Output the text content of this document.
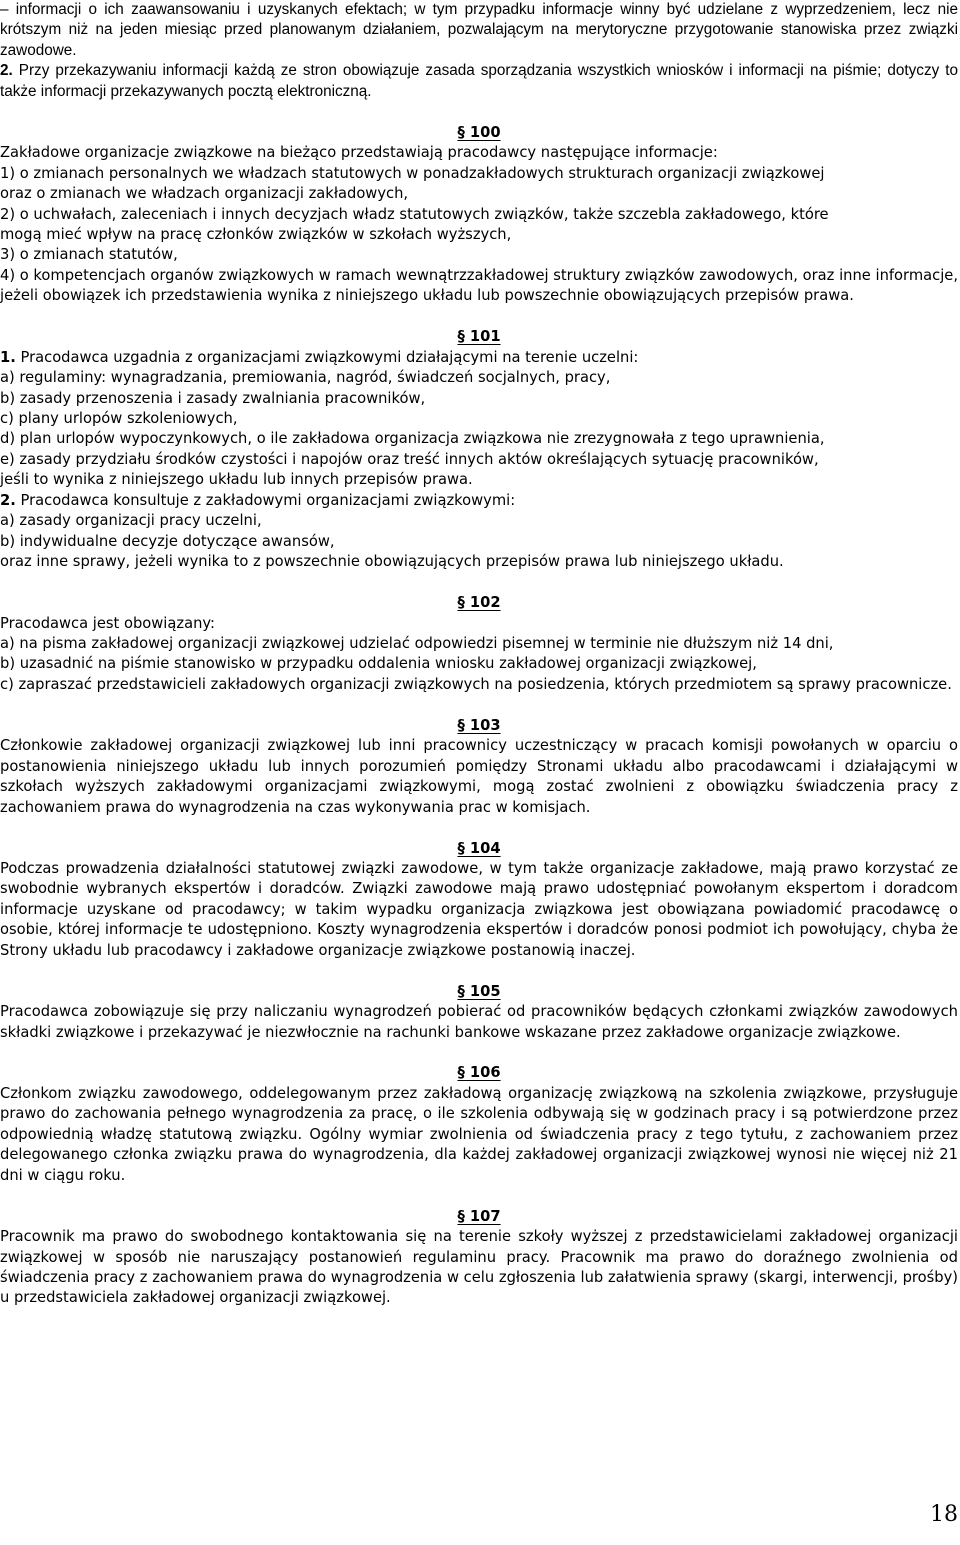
– informacji o ich zaawansowaniu i uzyskanych efektach; w tym przypadku informacje winny być udzielane z wyprzedzeniem, lecz nie krótszym niż na jeden miesiąc przed planowanym działaniem, pozwalającym na merytoryczne przygotowanie stanowiska przez związki zawodowe.

2. Przy przekazywaniu informacji każdą ze stron obowiązuje zasada sporządzania wszystkich wniosków i informacji na piśmie; dotyczy to także informacji przekazywanych pocztą elektroniczną.

§ 100

Zakładowe organizacje związkowe na bieżąco przedstawiają pracodawcy następujące informacje:

1) o zmianach personalnych we władzach statutowych w ponadzakładowych strukturach organizacji związkowej

oraz o zmianach we władzach organizacji zakładowych,

2) o uchwałach, zaleceniach i innych decyzjach władz statutowych związków, także szczebla zakładowego, które

mogą mieć wpływ na pracę członków związków w szkołach wyższych,

3) o zmianach statutów,

4) o kompetencjach organów związkowych w ramach wewnątrzzakładowej struktury związków zawodowych, oraz inne informacje, jeżeli obowiązek ich przedstawienia wynika z niniejszego układu lub powszechnie obowiązujących przepisów prawa.

§ 101

1. Pracodawca uzgadnia z organizacjami związkowymi działającymi na terenie uczelni:

a) regulaminy: wynagradzania, premiowania, nagród, świadczeń socjalnych, pracy,

b) zasady przenoszenia i zasady zwalniania pracowników,

c) plany urlopów szkoleniowych,

d) plan urlopów wypoczynkowych, o ile zakładowa organizacja związkowa nie zrezygnowała z tego uprawnienia,

e) zasady przydziału środków czystości i napojów oraz treść innych aktów określających sytuację pracowników,

jeśli to wynika z niniejszego układu lub innych przepisów prawa.

2. Pracodawca konsultuje z zakładowymi organizacjami związkowymi:

a) zasady organizacji pracy uczelni,

b) indywidualne decyzje dotyczące awansów,

oraz inne sprawy, jeżeli wynika to z powszechnie obowiązujących przepisów prawa lub niniejszego układu.

§ 102

Pracodawca jest obowiązany:

a) na pisma zakładowej organizacji związkowej udzielać odpowiedzi pisemnej w terminie nie dłuższym niż 14 dni,

b) uzasadnić na piśmie stanowisko w przypadku oddalenia wniosku zakładowej organizacji związkowej,

c) zapraszać przedstawicieli zakładowych organizacji związkowych na posiedzenia, których przedmiotem są sprawy pracownicze.

§ 103

Członkowie zakładowej organizacji związkowej lub inni pracownicy uczestniczący w pracach komisji powołanych w oparciu o postanowienia niniejszego układu lub innych porozumień pomiędzy Stronami układu albo pracodawcami i działającymi w szkołach wyższych zakładowymi organizacjami związkowymi, mogą zostać zwolnieni z obowiązku świadczenia pracy z zachowaniem prawa do wynagrodzenia na czas wykonywania prac w komisjach.

§ 104

Podczas prowadzenia działalności statutowej związki zawodowe, w tym także organizacje zakładowe, mają prawo korzystać ze swobodnie wybranych ekspertów i doradców. Związki zawodowe mają prawo udostępniać powołanym ekspertom i doradcom informacje uzyskane od pracodawcy; w takim wypadku organizacja związkowa jest obowiązana powiadomić pracodawcę o osobie, której informacje te udostępniono. Koszty wynagrodzenia ekspertów i doradców ponosi podmiot ich powołujący, chyba że Strony układu lub pracodawcy i zakładowe organizacje związkowe postanowią inaczej.

§ 105

Pracodawca zobowiązuje się przy naliczaniu wynagrodzeń pobierać od pracowników będących członkami związków zawodowych składki związkowe i przekazywać je niezwłocznie na rachunki bankowe wskazane przez zakładowe organizacje związkowe.

§ 106

Członkom związku zawodowego, oddelegowanym przez zakładową organizację związkową na szkolenia związkowe, przysługuje prawo do zachowania pełnego wynagrodzenia za pracę, o ile szkolenia odbywają się w godzinach pracy i są potwierdzone przez odpowiednią władzę statutową związku. Ogólny wymiar zwolnienia od świadczenia pracy z tego tytułu, z zachowaniem przez delegowanego członka związku prawa do wynagrodzenia, dla każdej zakładowej organizacji związkowej wynosi nie więcej niż 21 dni w ciągu roku.

§ 107

Pracownik ma prawo do swobodnego kontaktowania się na terenie szkoły wyższej z przedstawicielami zakładowej organizacji związkowej w sposób nie naruszający postanowień regulaminu pracy. Pracownik ma prawo do doraźnego zwolnienia od świadczenia pracy z zachowaniem prawa do wynagrodzenia w celu zgłoszenia lub załatwienia sprawy (skargi, interwencji, prośby) u przedstawiciela zakładowej organizacji związkowej.

18
